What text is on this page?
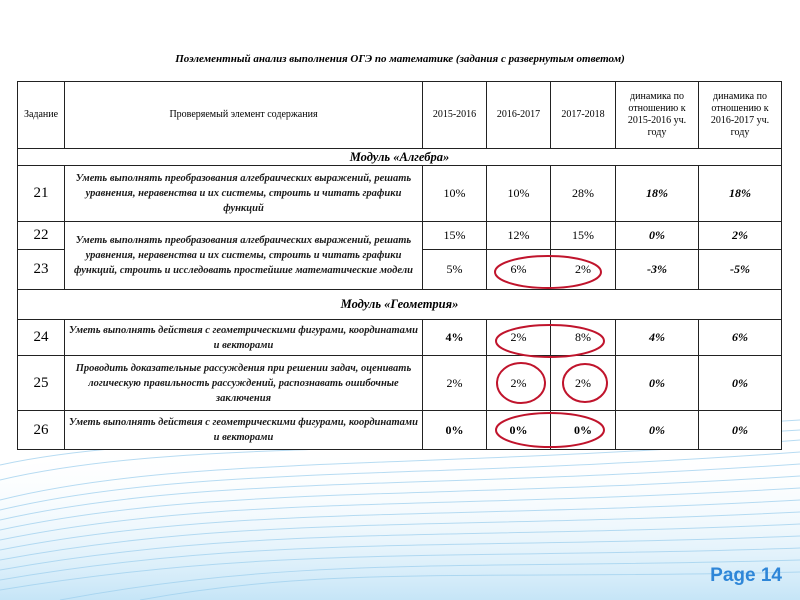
Поэлементный анализ выполнения ОГЭ по математике (задания с развернутым ответом)
Задание	Проверяемый элемент содержания	2015-2016	2016-2017	2017-2018	динамика по отношению к 2015-2016 уч. году	динамика по отношению к 2016-2017 уч. году
Модуль «Алгебра»						
21	Уметь выполнять преобразования алгебраических выражений, решать уравнения, неравенства и их системы, строить и читать графики функций	10%	10%	28%	18%	18%
22	Уметь выполнять преобразования алгебраических выражений, решать уравнения, неравенства и их системы, строить и читать графики функций, строить и исследовать простейшие математические модели	15%	12%	15%	0%	2%
23		5%	6%	2%	-3%	-5%
Модуль «Геометрия»						
24	Уметь выполнять действия с геометрическими фигурами, координатами и векторами	4%	2%	8%	4%	6%
25	Проводить доказательные рассуждения при решении задач, оценивать логическую правильность рассуждений, распознавать ошибочные заключения	2%	2%	2%	0%	0%
26	Уметь выполнять действия с геометрическими фигурами, координатами и векторами	0%	0%	0%	0%	0%
Page 14
